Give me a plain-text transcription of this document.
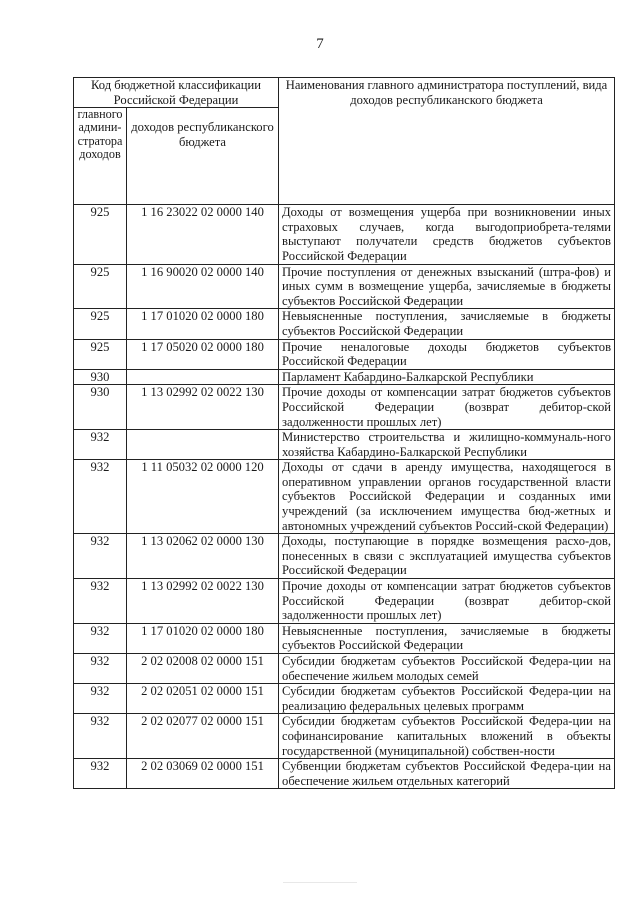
7
Код бюджетной классификации Российской Федерации		Наименования главного администратора поступлений, вида доходов республиканского бюджета
главного админи-стратора доходов	доходов республиканского бюджета	
925	1 16 23022 02 0000 140	Доходы от возмещения ущерба при возникновении иных страховых случаев, когда выгодоприобрета-телями выступают получатели средств бюджетов субъектов Российской Федерации
925	1 16 90020 02 0000 140	Прочие поступления от денежных взысканий (штра-фов) и иных сумм в возмещение ущерба, зачисляемые в бюджеты субъектов Российской Федерации
925	1 17 01020 02 0000 180	Невыясненные поступления, зачисляемые в бюджеты субъектов Российской Федерации
925	1 17 05020 02 0000 180	Прочие неналоговые доходы бюджетов субъектов Российской Федерации
930		Парламент Кабардино-Балкарской Республики
930	1 13 02992 02 0022 130	Прочие доходы от компенсации затрат бюджетов субъектов Российской Федерации (возврат дебитор-ской задолженности прошлых лет)
932		Министерство строительства и жилищно-коммуналь-ного хозяйства Кабардино-Балкарской Республики
932	1 11 05032 02 0000 120	Доходы от сдачи в аренду имущества, находящегося в оперативном управлении органов государственной власти субъектов Российской Федерации и созданных ими учреждений (за исключением имущества бюд-жетных и автономных учреждений субъектов Россий-ской Федерации)
932	1 13 02062 02 0000 130	Доходы, поступающие в порядке возмещения расхо-дов, понесенных в связи с эксплуатацией имущества субъектов Российской Федерации
932	1 13 02992 02 0022 130	Прочие доходы от компенсации затрат бюджетов субъектов Российской Федерации (возврат дебитор-ской задолженности прошлых лет)
932	1 17 01020 02 0000 180	Невыясненные поступления, зачисляемые в бюджеты субъектов Российской Федерации
932	2 02 02008 02 0000 151	Субсидии бюджетам субъектов Российской Федера-ции на обеспечение жильем молодых семей
932	2 02 02051 02 0000 151	Субсидии бюджетам субъектов Российской Федера-ции на реализацию федеральных целевых программ
932	2 02 02077 02 0000 151	Субсидии бюджетам субъектов Российской Федера-ции на софинансирование капитальных вложений в объекты государственной (муниципальной) собствен-ности
932	2 02 03069 02 0000 151	Субвенции бюджетам субъектов Российской Федера-ции на обеспечение жильем отдельных категорий
